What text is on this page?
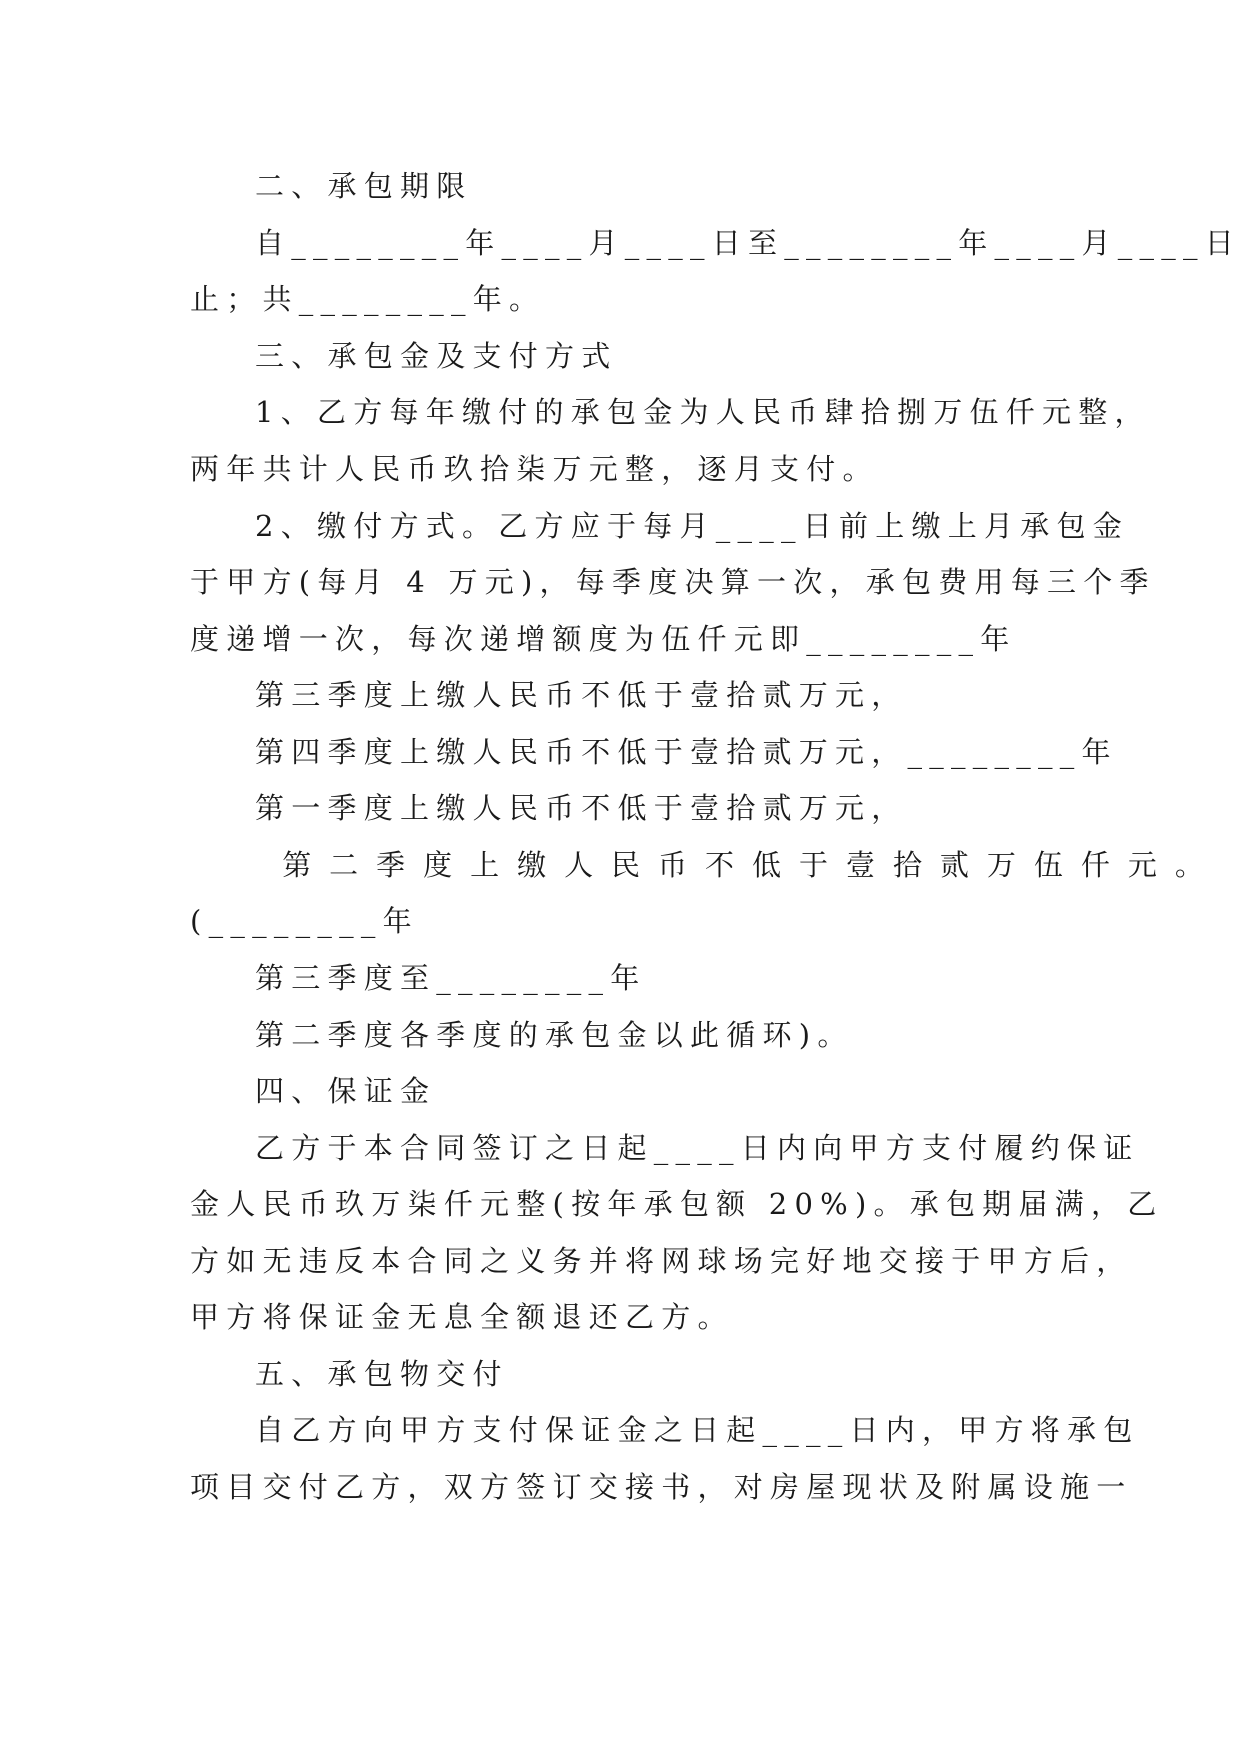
二、承包期限
自________年____月____日至________年____月____日
止；共________年。
三、承包金及支付方式
1、乙方每年缴付的承包金为人民币肆拾捌万伍仟元整，
两年共计人民币玖拾柒万元整，逐月支付。
2、缴付方式。乙方应于每月____日前上缴上月承包金
于甲方(每月 4 万元)，每季度决算一次，承包费用每三个季
度递增一次，每次递增额度为伍仟元即________年
第三季度上缴人民币不低于壹拾贰万元，
第四季度上缴人民币不低于壹拾贰万元，________年
第一季度上缴人民币不低于壹拾贰万元，
第二季度上缴人民币不低于壹拾贰万伍仟元。
(________年
第三季度至________年
第二季度各季度的承包金以此循环)。
四、保证金
乙方于本合同签订之日起____日内向甲方支付履约保证
金人民币玖万柒仟元整(按年承包额 20%)。承包期届满，乙
方如无违反本合同之义务并将网球场完好地交接于甲方后，
甲方将保证金无息全额退还乙方。
五、承包物交付
自乙方向甲方支付保证金之日起____日内，甲方将承包
项目交付乙方，双方签订交接书，对房屋现状及附属设施一
